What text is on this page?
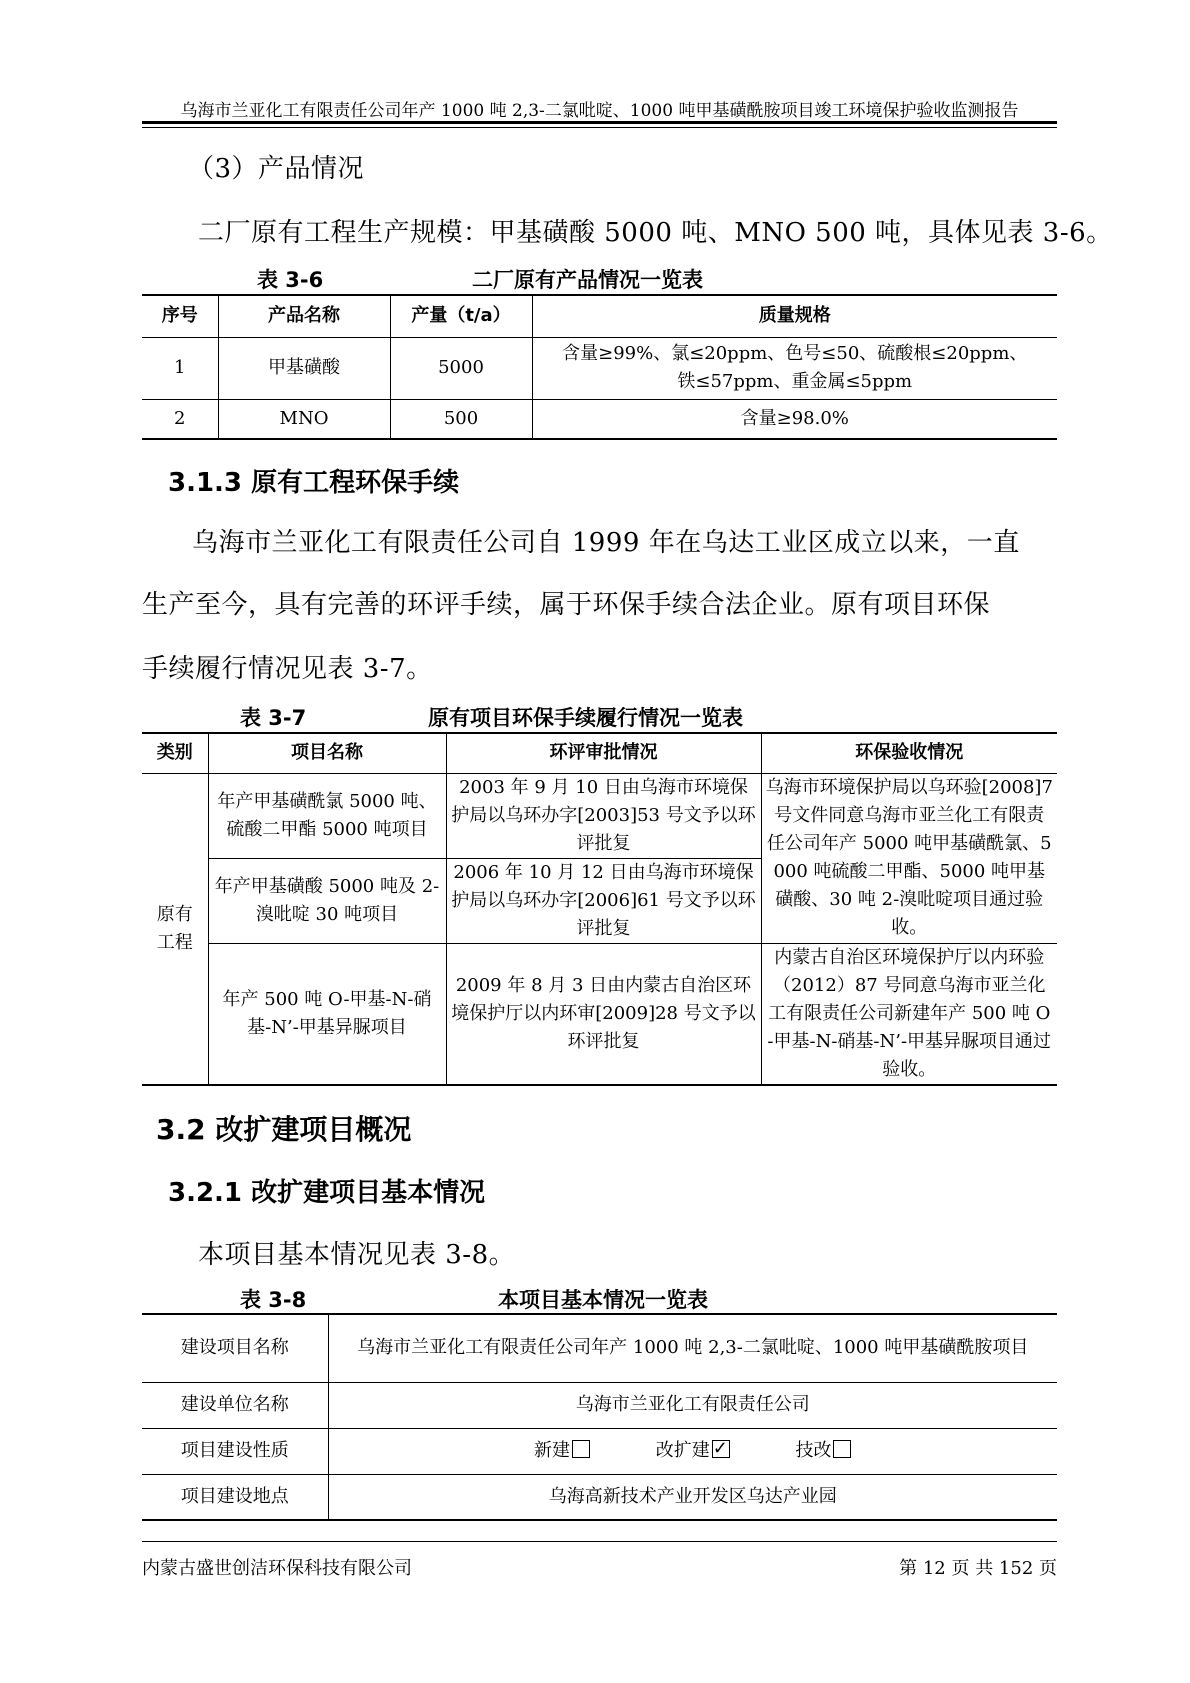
乌海市兰亚化工有限责任公司年产 1000 吨 2,3-二氯吡啶、1000 吨甲基磺酰胺项目竣工环境保护验收监测报告
（3）产品情况
二厂原有工程生产规模：甲基磺酸 5000 吨、MNO 500 吨，具体见表 3-6。
表 3-6	二厂原有产品情况一览表
序号	产品名称	产量（t/a）	质量规格
1	甲基磺酸	5000	含量≥99%、氯≤20ppm、色号≤50、硫酸根≤20ppm、
铁≤57ppm、重金属≤5ppm

2	MNO	500	含量≥98.0%
3.1.3 原有工程环保手续
乌海市兰亚化工有限责任公司自 1999 年在乌达工业区成立以来，一直
生产至今，具有完善的环评手续，属于环保手续合法企业。原有项目环保
手续履行情况见表 3-7。
表 3-7	原有项目环保手续履行情况一览表
类别	项目名称	环评审批情况	环保验收情况

原有工程	年产甲基磺酰氯 5000 吨、硫酸二甲酯 5000 吨项目	2003 年 9 月 10 日由乌海市环境保护局以乌环办字[2003]53 号文予以环评批复	乌海市环境保护局以乌环验[2008]7 号文件同意乌海市亚兰化工有限责任公司年产 5000 吨甲基磺酰氯、5000 吨硫酸二甲酯、5000 吨甲基磺酸、30 吨 2-溴吡啶项目通过验收。
	年产甲基磺酸 5000 吨及 2-溴吡啶 30 吨项目	2006 年 10 月 12 日由乌海市环境保护局以乌环办字[2006]61 号文予以环评批复	
	年产 500 吨 O-甲基-N-硝基-N’-甲基异脲项目	2009 年 8 月 3 日由内蒙古自治区环境保护厅以内环审[2009]28 号文予以环评批复	内蒙古自治区环境保护厅以内环验（2012）87 号同意乌海市亚兰化工有限责任公司新建年产 500 吨 O-甲基-N-硝基-N’-甲基异脲项目通过验收。
3.2 改扩建项目概况
3.2.1 改扩建项目基本情况
本项目基本情况见表 3-8。
表 3-8	本项目基本情况一览表
建设项目名称	乌海市兰亚化工有限责任公司年产 1000 吨 2,3-二氯吡啶、1000 吨甲基磺酰胺项目
建设单位名称	乌海市兰亚化工有限责任公司
项目建设性质	新建 改扩建 ✓ 技改
项目建设地点	乌海高新技术产业开发区乌达产业园
内蒙古盛世创洁环保科技有限公司	第 12 页 共 152 页
